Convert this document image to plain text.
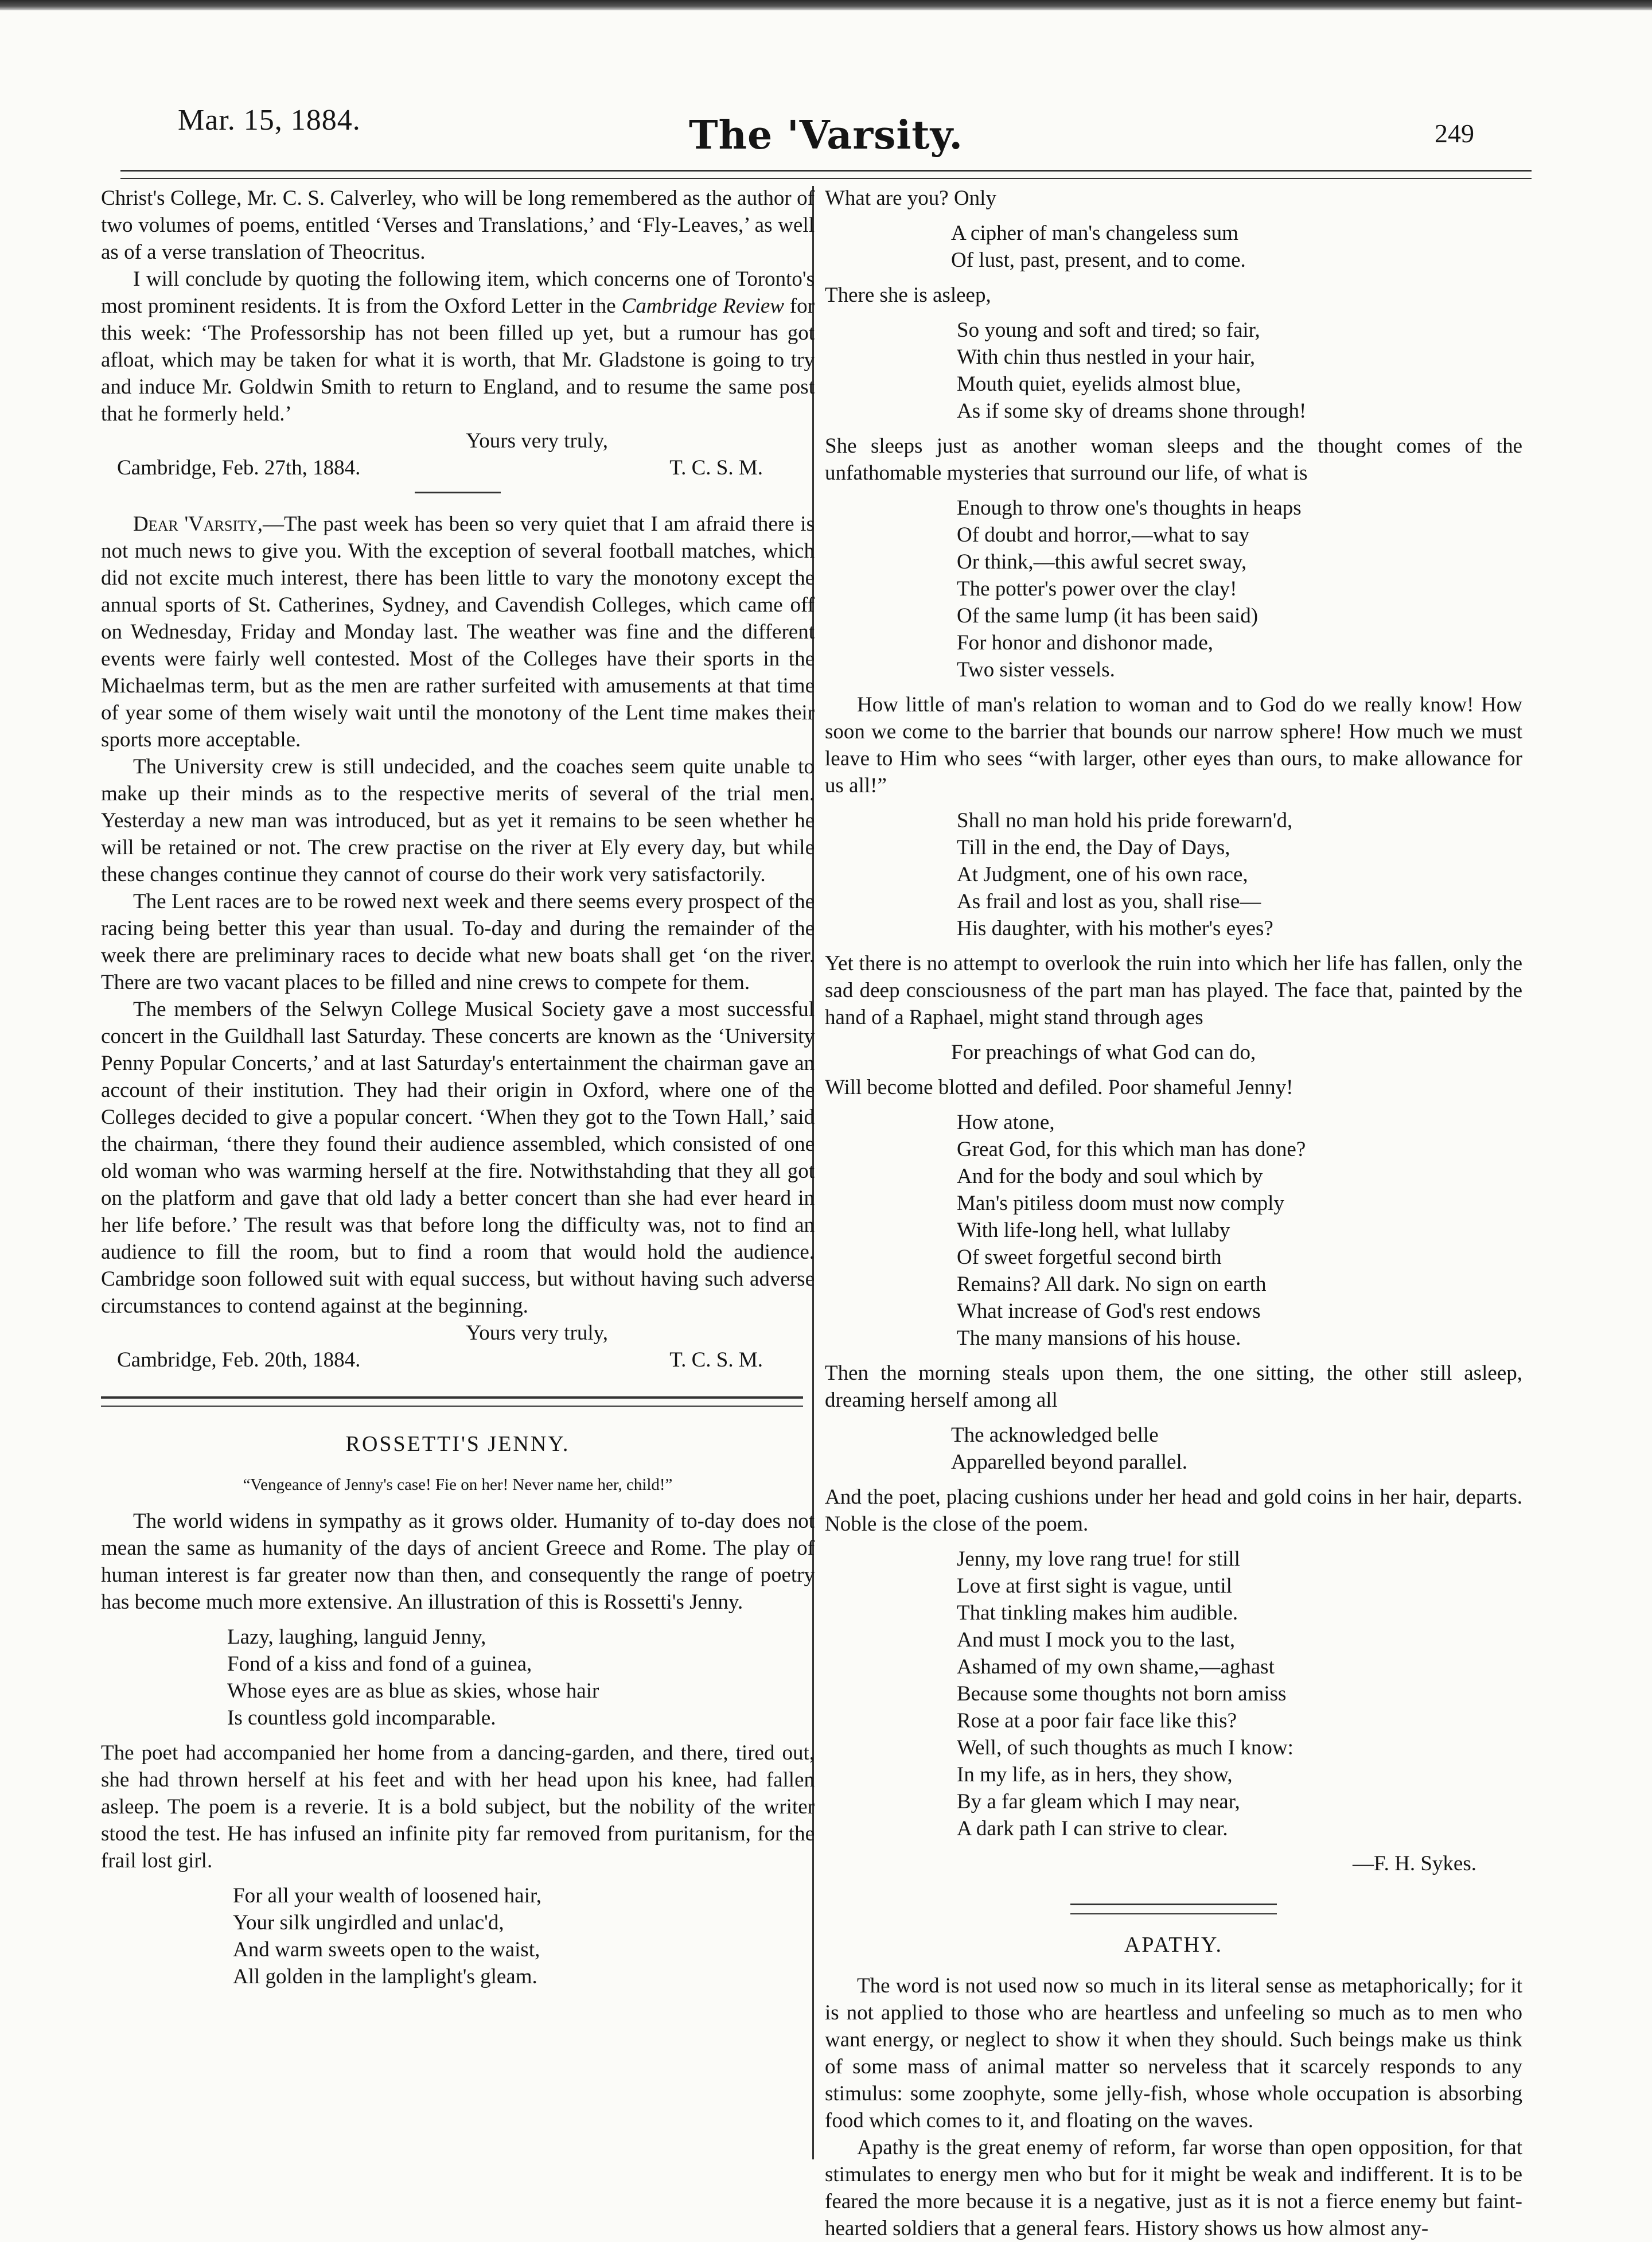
Mar. 15, 1884.	The 'Varsity.	249

Christ's College, Mr. C. S. Calverley, who will be long remembered as the author of two volumes of poems, entitled ‘Verses and Translations,’ and ‘Fly-Leaves,’ as well as of a verse translation of Theocritus.

I will conclude by quoting the following item, which concerns one of Toronto's most prominent residents. It is from the Oxford Letter in the Cambridge Review for this week: ‘The Professorship has not been filled up yet, but a rumour has got afloat, which may be taken for what it is worth, that Mr. Gladstone is going to try and induce Mr. Goldwin Smith to return to England, and to resume the same post that he formerly held.’

Yours very truly,

Cambridge, Feb. 27th, 1884.	T. C. S. M.

Dear 'Varsity,—The past week has been so very quiet that I am afraid there is not much news to give you. With the exception of several football matches, which did not excite much interest, there has been little to vary the monotony except the annual sports of St. Catherines, Sydney, and Cavendish Colleges, which came off on Wednesday, Friday and Monday last. The weather was fine and the different events were fairly well contested. Most of the Colleges have their sports in the Michaelmas term, but as the men are rather surfeited with amusements at that time of year some of them wisely wait until the monotony of the Lent time makes their sports more acceptable.

The University crew is still undecided, and the coaches seem quite unable to make up their minds as to the respective merits of several of the trial men. Yesterday a new man was introduced, but as yet it remains to be seen whether he will be retained or not. The crew practise on the river at Ely every day, but while these changes continue they cannot of course do their work very satisfactorily.

The Lent races are to be rowed next week and there seems every prospect of the racing being better this year than usual. To-day and during the remainder of the week there are preliminary races to decide what new boats shall get ‘on the river. There are two vacant places to be filled and nine crews to compete for them.

The members of the Selwyn College Musical Society gave a most successful concert in the Guildhall last Saturday. These concerts are known as the ‘University Penny Popular Concerts,’ and at last Saturday's entertainment the chairman gave an account of their institution. They had their origin in Oxford, where one of the Colleges decided to give a popular concert. ‘When they got to the Town Hall,’ said the chairman, ‘there they found their audience assembled, which consisted of one old woman who was warming herself at the fire. Notwithstahding that they all got on the platform and gave that old lady a better concert than she had ever heard in her life before.’ The result was that before long the difficulty was, not to find an audience to fill the room, but to find a room that would hold the audience. Cambridge soon followed suit with equal success, but without having such adverse circumstances to contend against at the beginning.

Yours very truly,

Cambridge, Feb. 20th, 1884.	T. C. S. M.
ROSSETTI'S JENNY.
“Vengeance of Jenny's case! Fie on her! Never name her, child!”

The world widens in sympathy as it grows older. Humanity of to-day does not mean the same as humanity of the days of ancient Greece and Rome. The play of human interest is far greater now than then, and consequently the range of poetry has become much more extensive. An illustration of this is Rossetti's Jenny.

Lazy, laughing, languid Jenny,
Fond of a kiss and fond of a guinea,
Whose eyes are as blue as skies, whose hair
Is countless gold incomparable.

The poet had accompanied her home from a dancing-garden, and there, tired out, she had thrown herself at his feet and with her head upon his knee, had fallen asleep. The poem is a reverie. It is a bold subject, but the nobility of the writer stood the test. He has infused an infinite pity far removed from puritanism, for the frail lost girl.

For all your wealth of loosened hair,
Your silk ungirdled and unlac'd,
And warm sweets open to the waist,
All golden in the lamplight's gleam.

What are you? Only

A cipher of man's changeless sum
Of lust, past, present, and to come.

There she is asleep,

So young and soft and tired; so fair,
With chin thus nestled in your hair,
Mouth quiet, eyelids almost blue,
As if some sky of dreams shone through!

She sleeps just as another woman sleeps and the thought comes of the unfathomable mysteries that surround our life, of what is

Enough to throw one's thoughts in heaps
Of doubt and horror,—what to say
Or think,—this awful secret sway,
The potter's power over the clay!
Of the same lump (it has been said)
For honor and dishonor made,
Two sister vessels.

How little of man's relation to woman and to God do we really know! How soon we come to the barrier that bounds our narrow sphere! How much we must leave to Him who sees “with larger, other eyes than ours, to make allowance for us all!”

Shall no man hold his pride forewarn'd,
Till in the end, the Day of Days,
At Judgment, one of his own race,
As frail and lost as you, shall rise—
His daughter, with his mother's eyes?

Yet there is no attempt to overlook the ruin into which her life has fallen, only the sad deep consciousness of the part man has played. The face that, painted by the hand of a Raphael, might stand through ages

For preachings of what God can do,

Will become blotted and defiled. Poor shameful Jenny!

How atone,
Great God, for this which man has done?
And for the body and soul which by
Man's pitiless doom must now comply
With life-long hell, what lullaby
Of sweet forgetful second birth
Remains? All dark. No sign on earth
What increase of God's rest endows
The many mansions of his house.

Then the morning steals upon them, the one sitting, the other still asleep, dreaming herself among all

The acknowledged belle
Apparelled beyond parallel.

And the poet, placing cushions under her head and gold coins in her hair, departs. Noble is the close of the poem.

Jenny, my love rang true! for still
Love at first sight is vague, until
That tinkling makes him audible.
And must I mock you to the last,
Ashamed of my own shame,—aghast
Because some thoughts not born amiss
Rose at a poor fair face like this?
Well, of such thoughts as much I know:
In my life, as in hers, they show,
By a far gleam which I may near,
A dark path I can strive to clear.
—F. H. Sykes.
APATHY.

The word is not used now so much in its literal sense as metaphorically; for it is not applied to those who are heartless and unfeeling so much as to men who want energy, or neglect to show it when they should. Such beings make us think of some mass of animal matter so nerveless that it scarcely responds to any stimulus: some zoophyte, some jelly-fish, whose whole occupation is absorbing food which comes to it, and floating on the waves.

Apathy is the great enemy of reform, far worse than open opposition, for that stimulates to energy men who but for it might be weak and indifferent. It is to be feared the more because it is a negative, just as it is not a fierce enemy but faint-hearted soldiers that a general fears. History shows us how almost any-
